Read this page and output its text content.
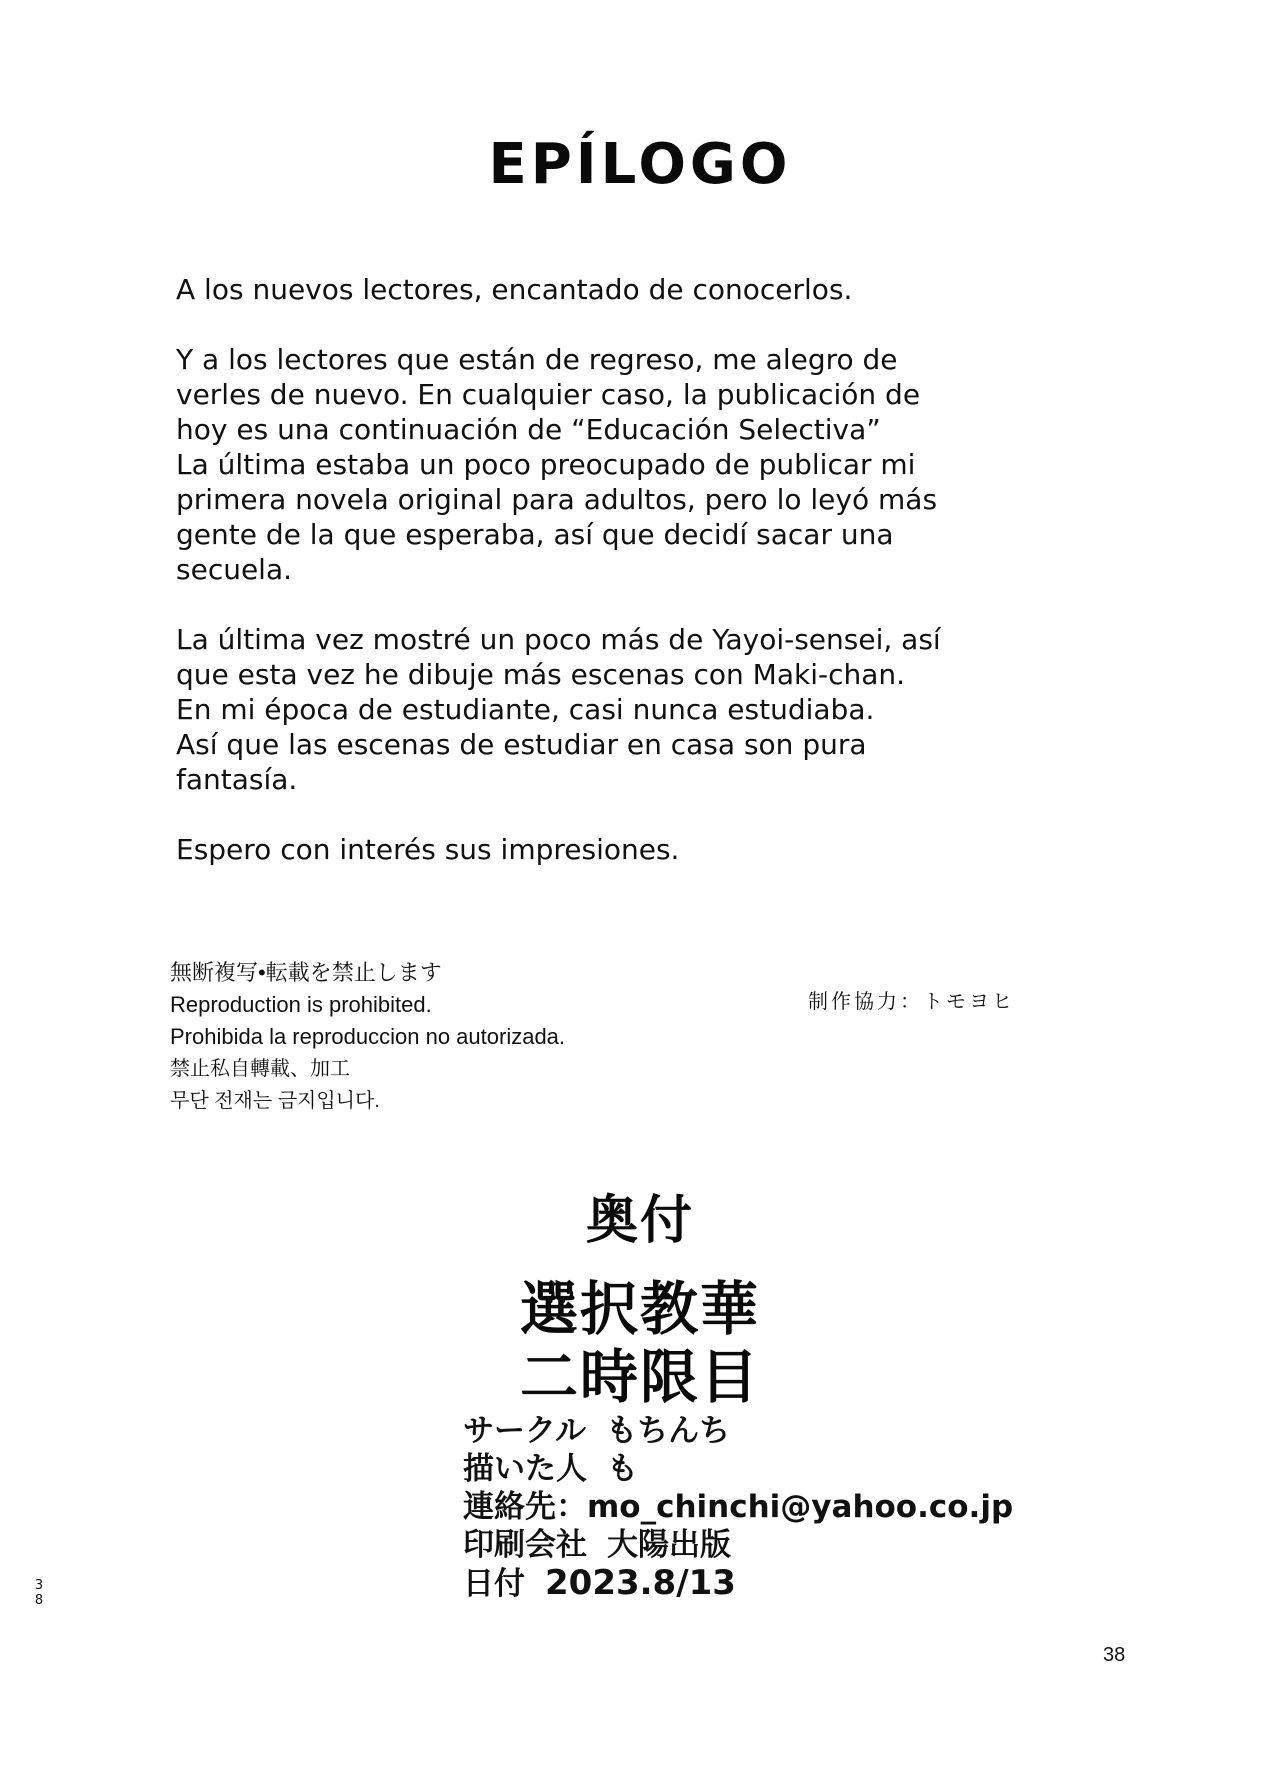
EPÍLOGO
A los nuevos lectores, encantado de conocerlos.
Y a los lectores que están de regreso, me alegro de
verles de nuevo. En cualquier caso, la publicación de
hoy es una continuación de “Educación Selectiva”
La última estaba un poco preocupado de publicar mi
primera novela original para adultos, pero lo leyó más
gente de la que esperaba, así que decidí sacar una
secuela.
La última vez mostré un poco más de Yayoi-sensei, así
que esta vez he dibuje más escenas con Maki-chan.
En mi época de estudiante, casi nunca estudiaba.
Así que las escenas de estudiar en casa son pura
fantasía.
Espero con interés sus impresiones.
無断複写•転載を禁止します
Reproduction is prohibited.
Prohibida la reproduccion no autorizada.
禁止私自轉載、加工
무단 전재는 금지입니다.
制作協力：トモヨヒ
奥付
選択教華
二時限目
サークル もちんち
描いた人 も
連絡先：mo_chinchi@yahoo.co.jp
印刷会社 大陽出版
日付 2023.8/13
3
8
38
